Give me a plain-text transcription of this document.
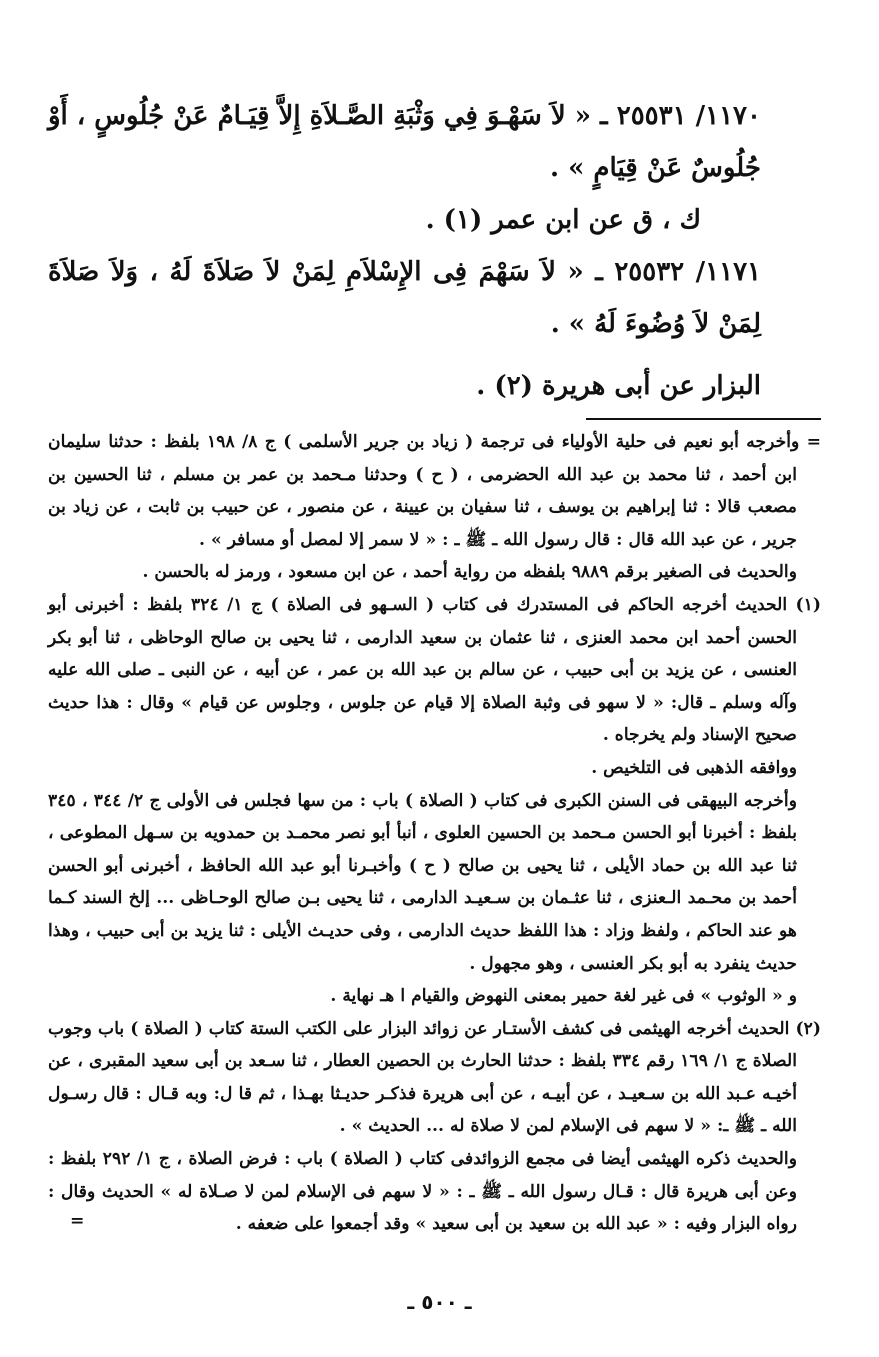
١١٧٠/ ٢٥٥٣١ ـ « لاَ سَهْـوَ فِي وَثْبَةِ الصَّـلاَةِ إِلاَّ قِيَـامٌ عَنْ جُلُوسٍ ، أَوْ جُلُوسٌ عَنْ قِيَامٍ » .

ك ، ق عن ابن عمر (١) .

١١٧١/ ٢٥٥٣٢ ـ « لاَ سَهْمَ فِى الإِسْلاَمِ لِمَنْ لاَ صَلاَةَ لَهُ ، وَلاَ صَلاَةَ لِمَنْ لاَ وُضُوءَ لَهُ » .

البزار عن أبى هريرة (٢) .

= وأخرجه أبو نعيم فى حلية الأولياء فى ترجمة ( زياد بن جرير الأسلمى ) ج ٨/ ١٩٨ بلفظ : حدثنا سليمان ابن أحمد ، ثنا محمد بن عبد الله الحضرمى ، ( ح ) وحدثنا مـحمد بن عمر بن مسلم ، ثنا الحسين بن مصعب قالا : ثنا إبراهيم بن يوسف ، ثنا سفيان بن عيينة ، عن منصور ، عن حبيب بن ثابت ، عن زياد بن جرير ، عن عبد الله قال : قال رسول الله ـ ﷺ ـ : « لا سمر إلا لمصل أو مسافر » .

والحديث فى الصغير برقم ٩٨٨٩ بلفظه من رواية أحمد ، عن ابن مسعود ، ورمز له بالحسن .

(١) الحديث أخرجه الحاكم فى المستدرك فى كتاب ( السـهو فى الصلاة ) ج ١/ ٣٢٤ بلفظ : أخبرنى أبو الحسن أحمد ابن محمد العنزى ، ثنا عثمان بن سعيد الدارمى ، ثنا يحيى بن صالح الوحاظى ، ثنا أبو بكر العنسى ، عن يزيد بن أبى حبيب ، عن سالم بن عبد الله بن عمر ، عن أبيه ، عن النبى ـ صلى الله عليه وآله وسلم ـ قال: « لا سهو فى وثبة الصلاة إلا قيام عن جلوس ، وجلوس عن قيام » وقال : هذا حديث صحيح الإسناد ولم يخرجاه .

ووافقه الذهبى فى التلخيص .

وأخرجه البيهقى فى السنن الكبرى فى كتاب ( الصلاة ) باب : من سها فجلس فى الأولى ج ٢/ ٣٤٤ ، ٣٤٥ بلفظ : أخبرنا أبو الحسن مـحمد بن الحسين العلوى ، أنبأ أبو نصر محمـد بن حمدويه بن سـهل المطوعى ، ثنا عبد الله بن حماد الأيلى ، ثنا يحيى بن صالح ( ح ) وأخبـرنا أبو عبد الله الحافظ ، أخبرنى أبو الحسن أحمد بن محـمد الـعنزى ، ثنا عثـمان بن سـعيـد الدارمى ، ثنا يحيى بـن صالح الوحـاظى ... إلخ السند كـما هو عند الحاكم ، ولفظ وزاد : هذا اللفظ حديث الدارمى ، وفى حديـث الأيلى : ثنا يزيد بن أبى حبيب ، وهذا حديث ينفرد به أبو بكر العنسى ، وهو مجهول .

و « الوثوب » فى غير لغة حمير بمعنى النهوض والقيام ا هـ نهاية .

(٢) الحديث أخرجه الهيثمى فى كشف الأستـار عن زوائد البزار على الكتب الستة كتاب ( الصلاة ) باب وجوب الصلاة ج ١/ ١٦٩ رقم ٣٣٤ بلفظ : حدثنا الحارث بن الحصين العطار ، ثنا سـعد بن أبى سعيد المقبرى ، عن أخيـه عـبد الله بن سـعيـد ، عن أبيـه ، عن أبى هريرة فذكـر حديـثا بهـذا ، ثم قا ل: وبه قـال : قال رسـول الله ـ ﷺ ـ: « لا سهم فى الإسلام لمن لا صلاة له ... الحديث » .

والحديث ذكره الهيثمى أيضا فى مجمع الزوائدفى كتاب ( الصلاة ) باب : فرض الصلاة ، ج ١/ ٢٩٢ بلفظ : وعن أبى هريرة قال : قـال رسول الله ـ ﷺ ـ : « لا سهم فى الإسلام لمن لا صـلاة له » الحديث وقال : رواه البزار وفيه : « عبد الله بن سعيد بن أبى سعيد » وقد أجمعوا على ضعفه .

=
ـ ٥٠٠ ـ
